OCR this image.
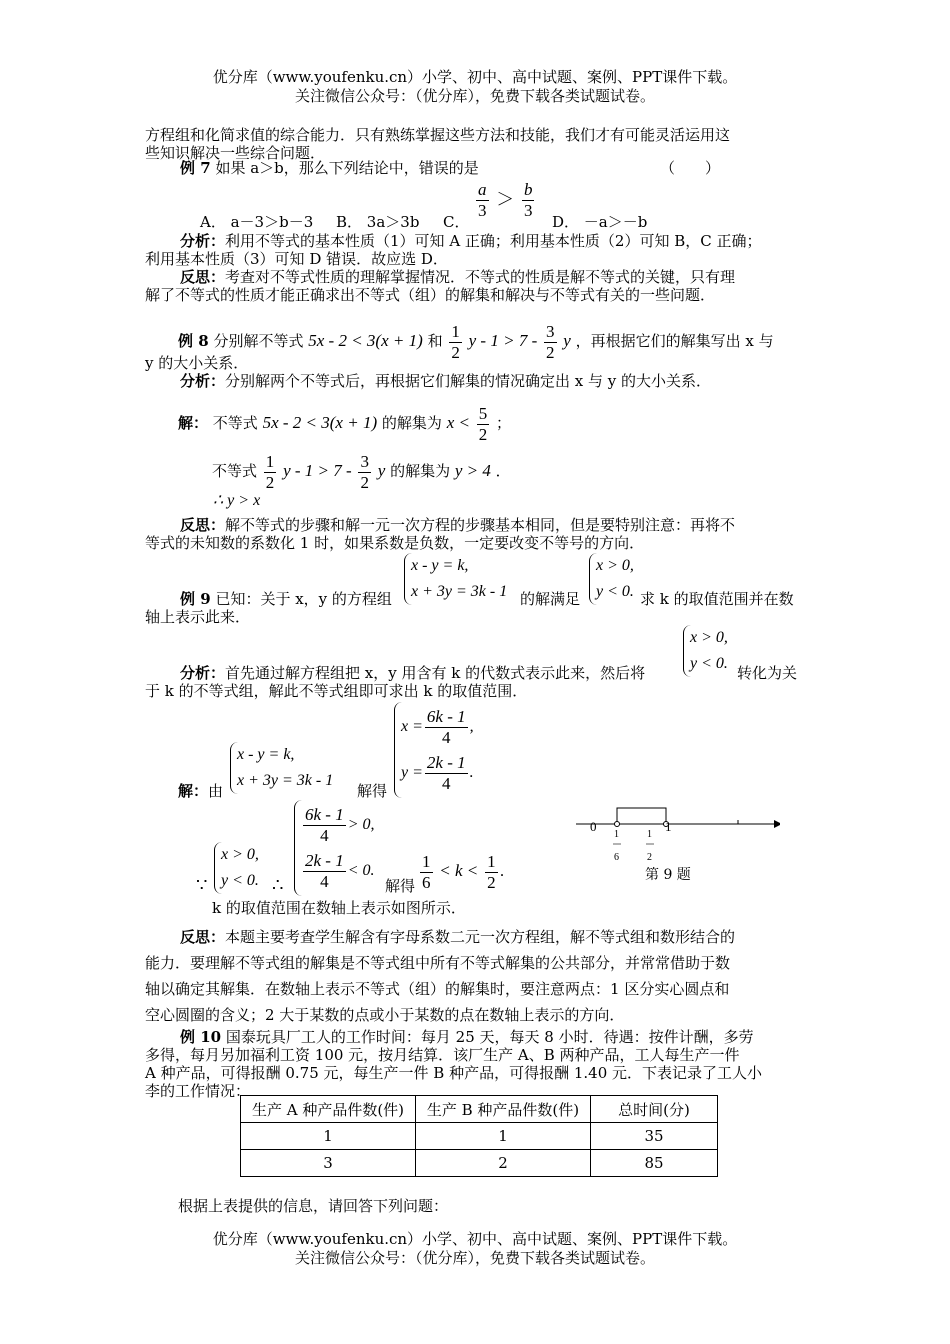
优分库（www.youfenku.cn）小学、初中、高中试题、案例、PPT课件下载。
关注微信公众号：（优分库），免费下载各类试题试卷。
方程组和化简求值的综合能力．只有熟练掌握这些方法和技能，我们才有可能灵活运用这
些知识解决一些综合问题．
例 7 如果 a＞b，那么下列结论中，错误的是	（　　）
A． a－3＞b－3 B． 3a＞3b C．
$\frac{a}{3} > \frac{b}{3}$
D． －a＞－b
分析：利用不等式的基本性质（1）可知 A 正确；利用基本性质（2）可知 B，C 正确；
利用基本性质（3）可知 D 错误．故应选 D．
反思：考查对不等式性质的理解掌握情况．不等式的性质是解不等式的关键，只有理
解了不等式的性质才能正确求出不等式（组）的解集和解决与不等式有关的一些问题．
例 8 分别解不等式 5x - 2 < 3(x + 1) 和 $\frac{1}{2}$ $y - 1 > 7 - \frac{3}{2}$ y ，再根据它们的解集写出 x 与
y 的大小关系．
分析：分别解两个不等式后，再根据它们解集的情况确定出 x 与 y 的大小关系．
解： 不等式 5x - 2 < 3(x + 1) 的解集为 $x < \frac{5}{2}$ ；
不等式 $\frac{1}{2}$ $y - 1 > 7 - \frac{3}{2}$ y 的解集为 y > 4 ．
∴ y > x
反思：解不等式的步骤和解一元一次方程的步骤基本相同，但是要特别注意：再将不
等式的未知数的系数化 1 时，如果系数是负数，一定要改变不等号的方向．
例 9 已知：关于 x，y 的方程组
x - y = k,
x + 3y = 3k - 1 的解满足
x > 0,
y < 0. 求 k 的取值范围并在数
轴上表示此来．
x > 0,
y < 0.
分析：首先通过解方程组把 x，y 用含有 k 的代数式表示此来，然后将	转化为关
于 k 的不等式组，解此不等式组即可求出 k 的取值范围．
解：由
x - y = k,
x + 3y = 3k - 1
解得
$x = \frac{6k - 1}{4}$ ,
$y = \frac{2k - 1}{4}$ .
∵
x > 0,
y < 0. ∴
$\frac{6k - 1}{4} > 0$,
$\frac{2k - 1}{4} < 0$.
解得 $\frac{1}{6} < k < \frac{1}{2}$ .
0	1
1
6
1
2
第 9 题
k 的取值范围在数轴上表示如图所示．
反思：本题主要考查学生解含有字母系数二元一次方程组，解不等式组和数形结合的
能力．要理解不等式组的解集是不等式组中所有不等式解集的公共部分，并常常借助于数
轴以确定其解集．在数轴上表示不等式（组）的解集时，要注意两点：1 区分实心圆点和
空心圆圈的含义；2 大于某数的点或小于某数的点在数轴上表示的方向．
例 10 国泰玩具厂工人的工作时间：每月 25 天，每天 8 小时．待遇：按件计酬，多劳
多得，每月另加福利工资 100 元，按月结算．该厂生产 A、B 两种产品，工人每生产一件
A 种产品，可得报酬 0.75 元，每生产一件 B 种产品，可得报酬 1.40 元．下表记录了工人小
李的工作情况：
生产 A 种产品件数(件)	生产 B 种产品件数(件)	总时间(分)
1	1	35
3	2	85
根据上表提供的信息，请回答下列问题：
优分库（www.youfenku.cn）小学、初中、高中试题、案例、PPT课件下载。
关注微信公众号：（优分库），免费下载各类试题试卷。
